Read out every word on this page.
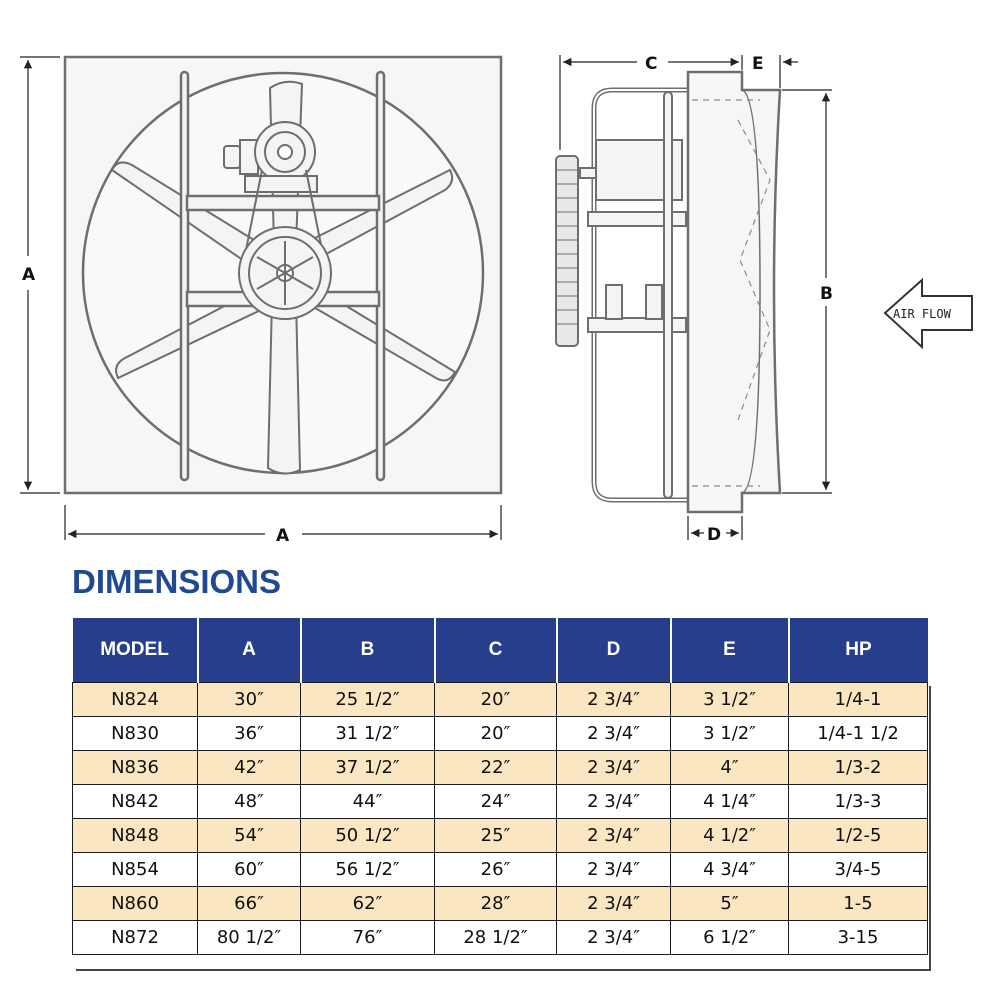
A
A
C	E
B
D
AIR FLOW
DIMENSIONS
MODEL	A	B	C	D	E	HP
N824	30″	25 1/2″	20″	2 3/4″	3 1/2″	1/4-1
N830	36″	31 1/2″	20″	2 3/4″	3 1/2″	1/4-1 1/2
N836	42″	37 1/2″	22″	2 3/4″	4″	1/3-2
N842	48″	44″	24″	2 3/4″	4 1/4″	1/3-3
N848	54″	50 1/2″	25″	2 3/4″	4 1/2″	1/2-5
N854	60″	56 1/2″	26″	2 3/4″	4 3/4″	3/4-5
N860	66″	62″	28″	2 3/4″	5″	1-5
N872	80 1/2″	76″	28 1/2″	2 3/4″	6 1/2″	3-15
